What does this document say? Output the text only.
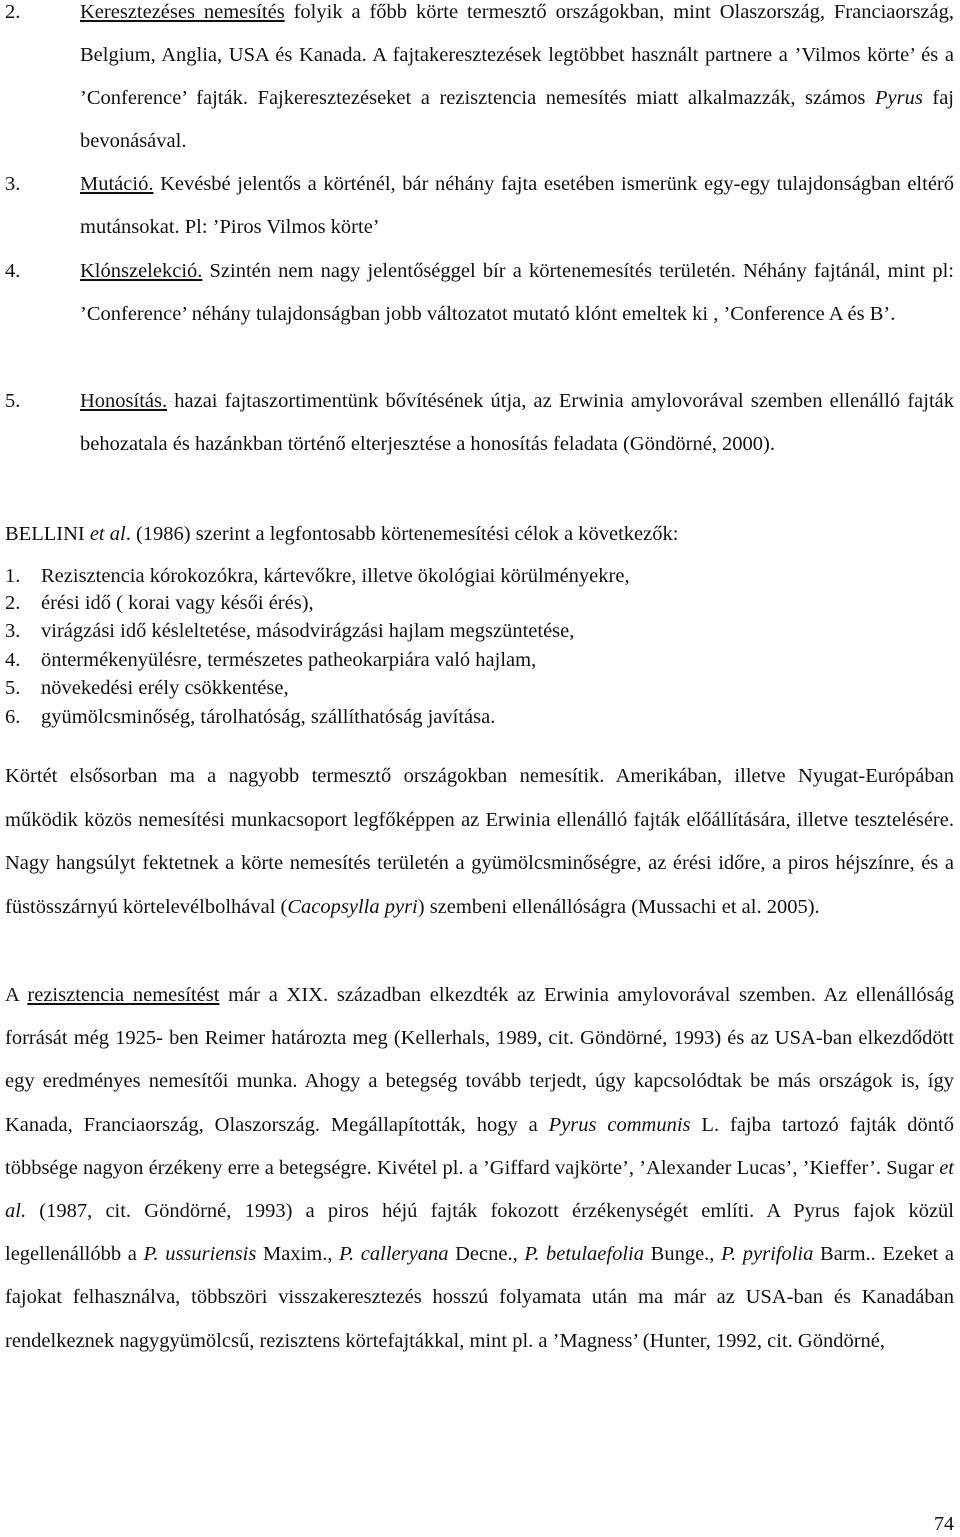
2.	Keresztezéses nemesítés folyik a főbb körte termesztő országokban, mint Olaszország, Franciaország, Belgium, Anglia, USA és Kanada. A fajtakeresztezések legtöbbet használt partnere a ’Vilmos körte’ és a ’Conference’ fajták. Fajkeresztezéseket a rezisztencia nemesítés miatt alkalmazzák, számos Pyrus faj bevonásával.

3.	Mutáció. Kevésbé jelentős a körténél, bár néhány fajta esetében ismerünk egy-egy tulajdonságban eltérő mutánsokat. Pl: ’Piros Vilmos körte’

4.	Klónszelekció. Szintén nem nagy jelentőséggel bír a körtenemesítés területén. Néhány fajtánál, mint pl: ’Conference’ néhány tulajdonságban jobb változatot mutató klónt emeltek ki , ’Conference A és B’.

5.	Honosítás. hazai fajtaszortimentünk bővítésének útja, az Erwinia amylovorával szemben ellenálló fajták behozatala és hazánkban történő elterjesztése a honosítás feladata (Göndörné, 2000).

BELLINI et al. (1986) szerint a legfontosabb körtenemesítési célok a következők:

1. Rezisztencia kórokozókra, kártevőkre, illetve ökológiai körülményekre,
2. érési idő ( korai vagy késői érés),
3. virágzási idő késleltetése, másodvirágzási hajlam megszüntetése,
4. öntermékenyülésre, természetes patheokarpiára való hajlam,
5. növekedési erély csökkentése,
6. gyümölcsminőség, tárolhatóság, szállíthatóság javítása.

Körtét elsősorban ma a nagyobb termesztő országokban nemesítik. Amerikában, illetve Nyugat-Európában működik közös nemesítési munkacsoport legfőképpen az Erwinia ellenálló fajták előállítására, illetve tesztelésére. Nagy hangsúlyt fektetnek a körte nemesítés területén a gyümölcsminőségre, az érési időre, a piros héjszínre, és a füstösszárnyú körtelevélbolhával (Cacopsylla pyri) szembeni ellenállóságra (Mussachi et al. 2005).

A rezisztencia nemesítést már a XIX. században elkezdték az Erwinia amylovorával szemben. Az ellenállóság forrását még 1925- ben Reimer határozta meg (Kellerhals, 1989, cit. Göndörné, 1993) és az USA-ban elkezdődött egy eredményes nemesítői munka. Ahogy a betegség tovább terjedt, úgy kapcsolódtak be más országok is, így Kanada, Franciaország, Olaszország. Megállapították, hogy a Pyrus communis L. fajba tartozó fajták döntő többsége nagyon érzékeny erre a betegségre. Kivétel pl. a ’Giffard vajkörte’, ’Alexander Lucas’, ’Kieffer’. Sugar et al. (1987, cit. Göndörné, 1993) a piros héjú fajták fokozott érzékenységét említi. A Pyrus fajok közül legellenállóbb a P. ussuriensis Maxim., P. calleryana Decne., P. betulaefolia Bunge., P. pyrifolia Barm.. Ezeket a fajokat felhasználva, többszöri visszakeresztezés hosszú folyamata után ma már az USA-ban és Kanadában rendelkeznek nagygyümölcsű, rezisztens körtefajtákkal, mint pl. a ’Magness’ (Hunter, 1992, cit. Göndörné,

74
